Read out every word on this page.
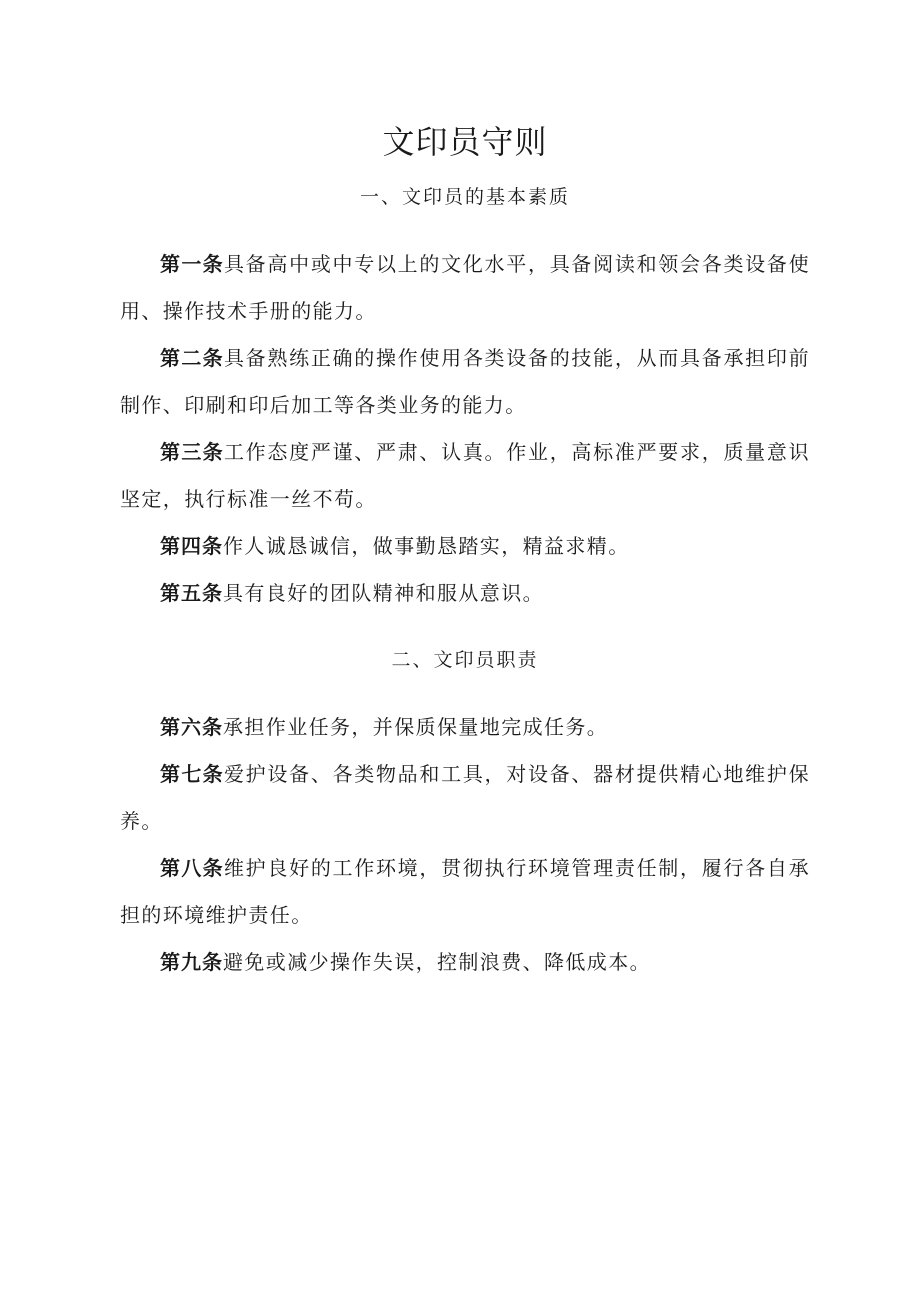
文印员守则
一、文印员的基本素质

第一条具备高中或中专以上的文化水平，具备阅读和领会各类设备使用、操作技术手册的能力。

第二条具备熟练正确的操作使用各类设备的技能，从而具备承担印前制作、印刷和印后加工等各类业务的能力。

第三条工作态度严谨、严肃、认真。作业，高标准严要求，质量意识坚定，执行标准一丝不苟。

第四条作人诚恳诚信，做事勤恳踏实，精益求精。

第五条具有良好的团队精神和服从意识。

二、文印员职责

第六条承担作业任务，并保质保量地完成任务。

第七条爱护设备、各类物品和工具，对设备、器材提供精心地维护保养。

第八条维护良好的工作环境，贯彻执行环境管理责任制，履行各自承担的环境维护责任。

第九条避免或减少操作失误，控制浪费、降低成本。
